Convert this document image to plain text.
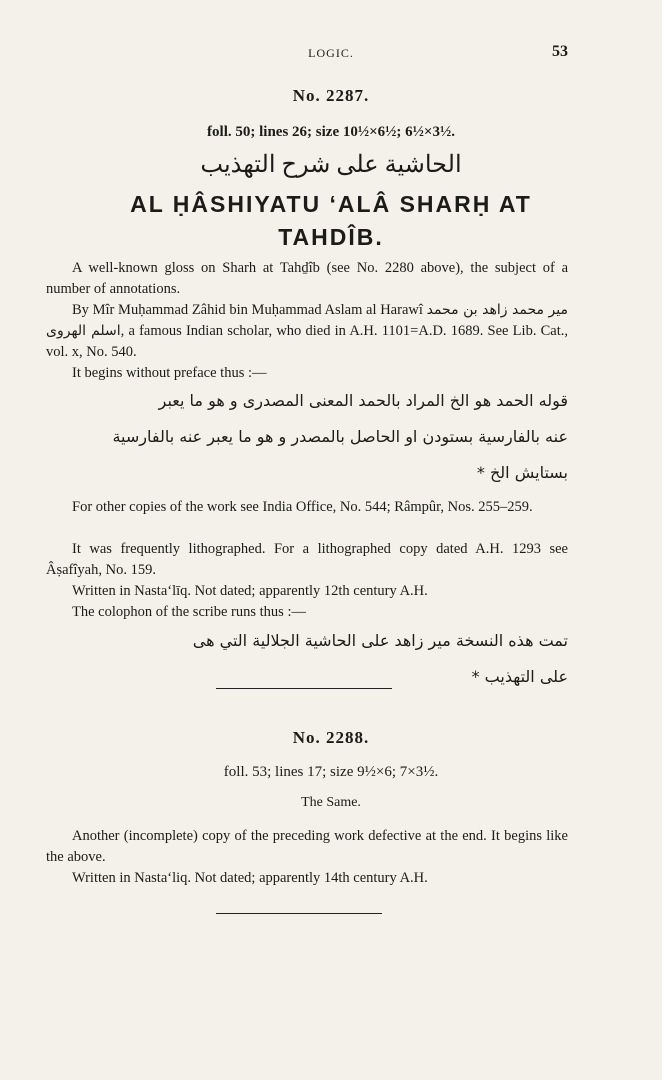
LOGIC.	53
No. 2287.
foll. 50; lines 26; size 10½×6½; 6½×3½.
الحاشية على شرح التهذيب
AL ḤÂSHIYATU ‘ALÂ SHARḤ AT
TAHDÎB.
A well-known gloss on Sharh at Tahḏîb (see No. 2280 above), the subject of a number of annotations.
By Mîr Muḥammad Zâhid bin Muḥammad Aslam al Harawî مير محمد زاهد بن محمد اسلم الهروى, a famous Indian scholar, who died in A.H. 1101=A.D. 1689. See Lib. Cat., vol. x, No. 540.
It begins without preface thus :—
قوله الحمد هو الخ المراد بالحمد المعنى المصدرى و هو ما يعبر
عنه بالفارسية بستودن او الحاصل بالمصدر و هو ما يعبر عنه بالفارسية
بستايش الخ *
For other copies of the work see India Office, No. 544; Râmpûr, Nos. 255–259.
It was frequently lithographed. For a lithographed copy dated A.H. 1293 see Âṣafîyah, No. 159.
Written in Nasta‘līq. Not dated; apparently 12th century A.H.
The colophon of the scribe runs thus :—
تمت هذه النسخة مير زاهد على الحاشية الجلالية التي هى
على التهذيب *
No. 2288.
foll. 53; lines 17; size 9½×6; 7×3½.
The Same.
Another (incomplete) copy of the preceding work defective at the end. It begins like the above.
Written in Nasta‘liq. Not dated; apparently 14th century A.H.
